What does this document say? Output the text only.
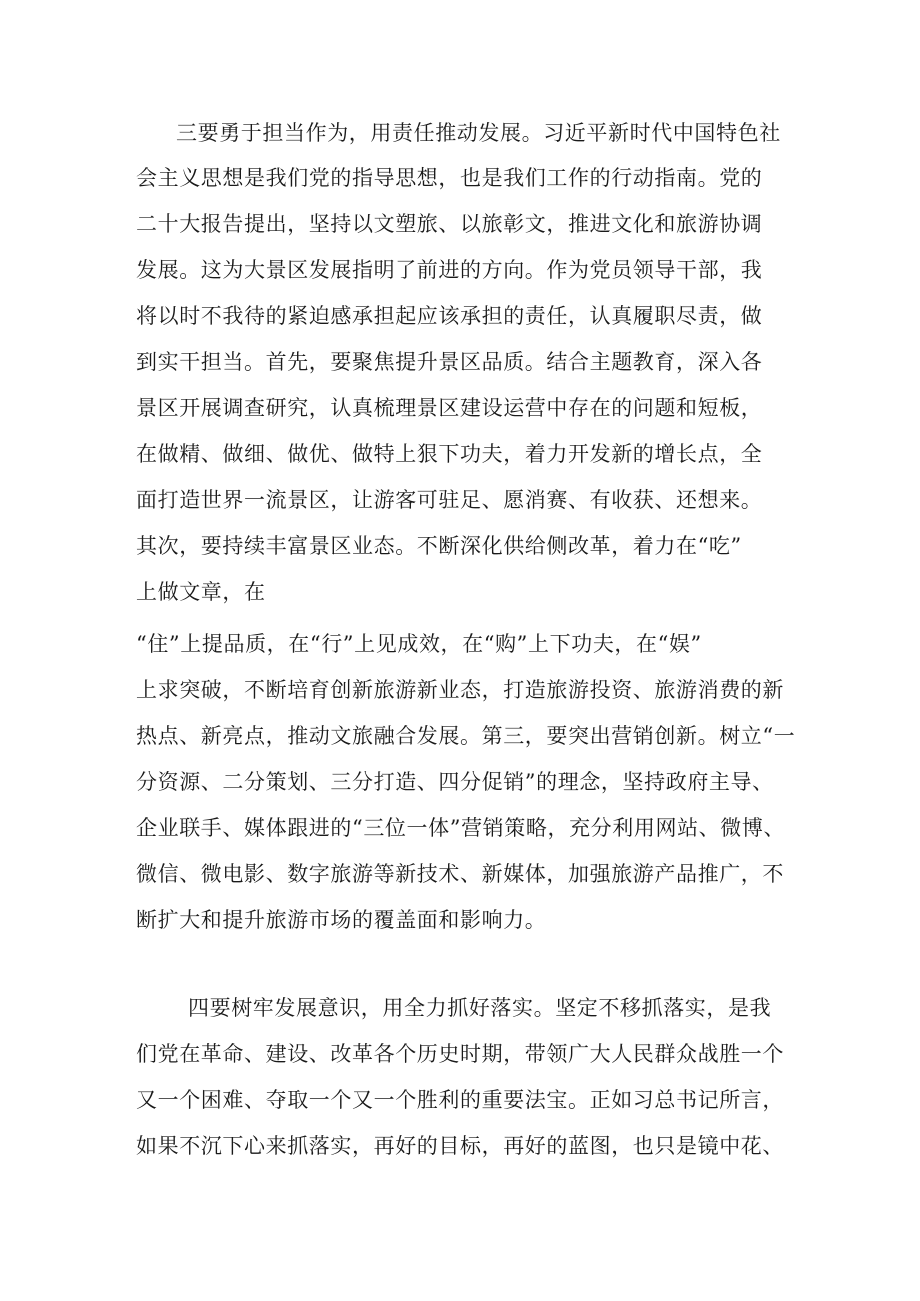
三要勇于担当作为，用责任推动发展。习近平新时代中国特色社
会主义思想是我们党的指导思想，也是我们工作的行动指南。党的
二十大报告提出，坚持以文塑旅、以旅彰文，推进文化和旅游协调
发展。这为大景区发展指明了前进的方向。作为党员领导干部，我
将以时不我待的紧迫感承担起应该承担的责任，认真履职尽责，做
到实干担当。首先，要聚焦提升景区品质。结合主题教育，深入各
景区开展调查研究，认真梳理景区建设运营中存在的问题和短板，
在做精、做细、做优、做特上狠下功夫，着力开发新的增长点，全
面打造世界一流景区，让游客可驻足、愿消赛、有收获、还想来。
其次，要持续丰富景区业态。不断深化供给侧改革，着力在“吃”
上做文章，在
“住”上提品质，在“行”上见成效，在“购”上下功夫，在“娱”
上求突破，不断培育创新旅游新业态，打造旅游投资、旅游消费的新
热点、新亮点，推动文旅融合发展。第三，要突出营销创新。树立“一
分资源、二分策划、三分打造、四分促销”的理念，坚持政府主导、
企业联手、媒体跟进的“三位一体”营销策略，充分利用网站、微博、
微信、微电影、数字旅游等新技术、新媒体，加强旅游产品推广，不
断扩大和提升旅游市场的覆盖面和影响力。
四要树牢发展意识，用全力抓好落实。坚定不移抓落实，是我
们党在革命、建设、改革各个历史时期，带领广大人民群众战胜一个
又一个困难、夺取一个又一个胜利的重要法宝。正如习总书记所言，
如果不沉下心来抓落实，再好的目标，再好的蓝图，也只是镜中花、
